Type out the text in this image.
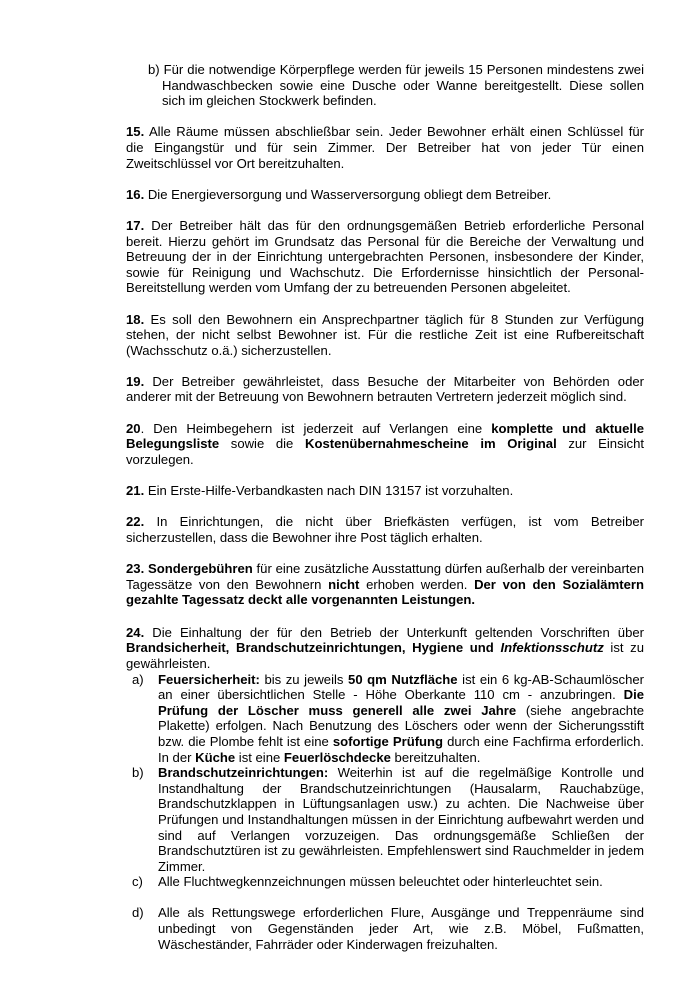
b) Für die notwendige Körperpflege werden für jeweils 15 Personen mindestens zwei Handwaschbecken sowie eine Dusche oder Wanne bereitgestellt. Diese sollen sich im gleichen Stockwerk befinden.

15. Alle Räume müssen abschließbar sein. Jeder Bewohner erhält einen Schlüssel für die Eingangstür und für sein Zimmer. Der Betreiber hat von jeder Tür einen Zweitschlüssel vor Ort bereitzuhalten.

16. Die Energieversorgung und Wasserversorgung obliegt dem Betreiber.

17. Der Betreiber hält das für den ordnungsgemäßen Betrieb erforderliche Personal bereit. Hierzu gehört im Grundsatz das Personal für die Bereiche der Verwaltung und Betreuung der in der Einrichtung untergebrachten Personen, insbesondere der Kinder, sowie für Reinigung und Wachschutz. Die Erfordernisse hinsichtlich der Personal- Bereitstellung werden vom Umfang der zu betreuenden Personen abgeleitet.

18. Es soll den Bewohnern ein Ansprechpartner täglich für 8 Stunden zur Verfügung stehen, der nicht selbst Bewohner ist. Für die restliche Zeit ist eine Rufbereitschaft (Wachsschutz o.ä.) sicherzustellen.

19. Der Betreiber gewährleistet, dass Besuche der Mitarbeiter von Behörden oder anderer mit der Betreuung von Bewohnern betrauten Vertretern jederzeit möglich sind.

20. Den Heimbegehern ist jederzeit auf Verlangen eine komplette und aktuelle Belegungsliste sowie die Kostenübernahmescheine im Original zur Einsicht vorzulegen.

21. Ein Erste-Hilfe-Verbandkasten nach DIN 13157 ist vorzuhalten.

22. In Einrichtungen, die nicht über Briefkästen verfügen, ist vom Betreiber sicherzustellen, dass die Bewohner ihre Post täglich erhalten.

23. Sondergebühren für eine zusätzliche Ausstattung dürfen außerhalb der vereinbarten Tagessätze von den Bewohnern nicht erhoben werden. Der von den Sozialämtern gezahlte Tagessatz deckt alle vorgenannten Leistungen.

24. Die Einhaltung der für den Betrieb der Unterkunft geltenden Vorschriften über Brandsicherheit, Brandschutzeinrichtungen, Hygiene und Infektionsschutz ist zu gewährleisten.

a) Feuersicherheit: bis zu jeweils 50 qm Nutzfläche ist ein 6 kg-AB-Schaumlöscher an einer übersichtlichen Stelle - Höhe Oberkante 110 cm - anzubringen. Die Prüfung der Löscher muss generell alle zwei Jahre (siehe angebrachte Plakette) erfolgen. Nach Benutzung des Löschers oder wenn der Sicherungsstift bzw. die Plombe fehlt ist eine sofortige Prüfung durch eine Fachfirma erforderlich. In der Küche ist eine Feuerlöschdecke bereitzuhalten.

b) Brandschutzeinrichtungen: Weiterhin ist auf die regelmäßige Kontrolle und Instandhaltung der Brandschutzeinrichtungen (Hausalarm, Rauchabzüge, Brandschutzklappen in Lüftungsanlagen usw.) zu achten. Die Nachweise über Prüfungen und Instandhaltungen müssen in der Einrichtung aufbewahrt werden und sind auf Verlangen vorzuzeigen. Das ordnungsgemäße Schließen der Brandschutztüren ist zu gewährleisten. Empfehlenswert sind Rauchmelder in jedem Zimmer.

c) Alle Fluchtwegkennzeichnungen müssen beleuchtet oder hinterleuchtet sein.

d) Alle als Rettungswege erforderlichen Flure, Ausgänge und Treppenräume sind unbedingt von Gegenständen jeder Art, wie z.B. Möbel, Fußmatten, Wäscheständer, Fahrräder oder Kinderwagen freizuhalten.
